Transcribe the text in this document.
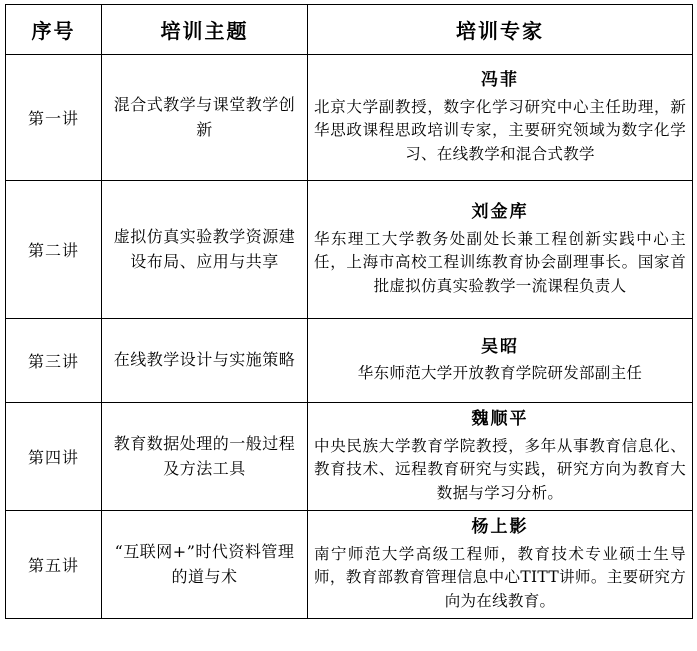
序号	培训主题	培训专家
第一讲	混合式教学与课堂教学创新	冯菲
北京大学副教授，数字化学习研究中心主任助理，新华思政课程思政培训专家，主要研究领域为数字化学习、在线教学和混合式教学

第二讲	虚拟仿真实验教学资源建设布局、应用与共享	刘金库
华东理工大学教务处副处长兼工程创新实践中心主任，上海市高校工程训练教育协会副理事长。国家首批虚拟仿真实验教学一流课程负责人

第三讲	在线教学设计与实施策略	吴昭
华东师范大学开放教育学院研发部副主任

第四讲	教育数据处理的一般过程及方法工具	魏顺平
中央民族大学教育学院教授，多年从事教育信息化、教育技术、远程教育研究与实践，研究方向为教育大数据与学习分析。

第五讲	“互联网+”时代资料管理的道与术	杨上影
南宁师范大学高级工程师，教育技术专业硕士生导师，教育部教育管理信息中心TITT讲师。主要研究方向为在线教育。
